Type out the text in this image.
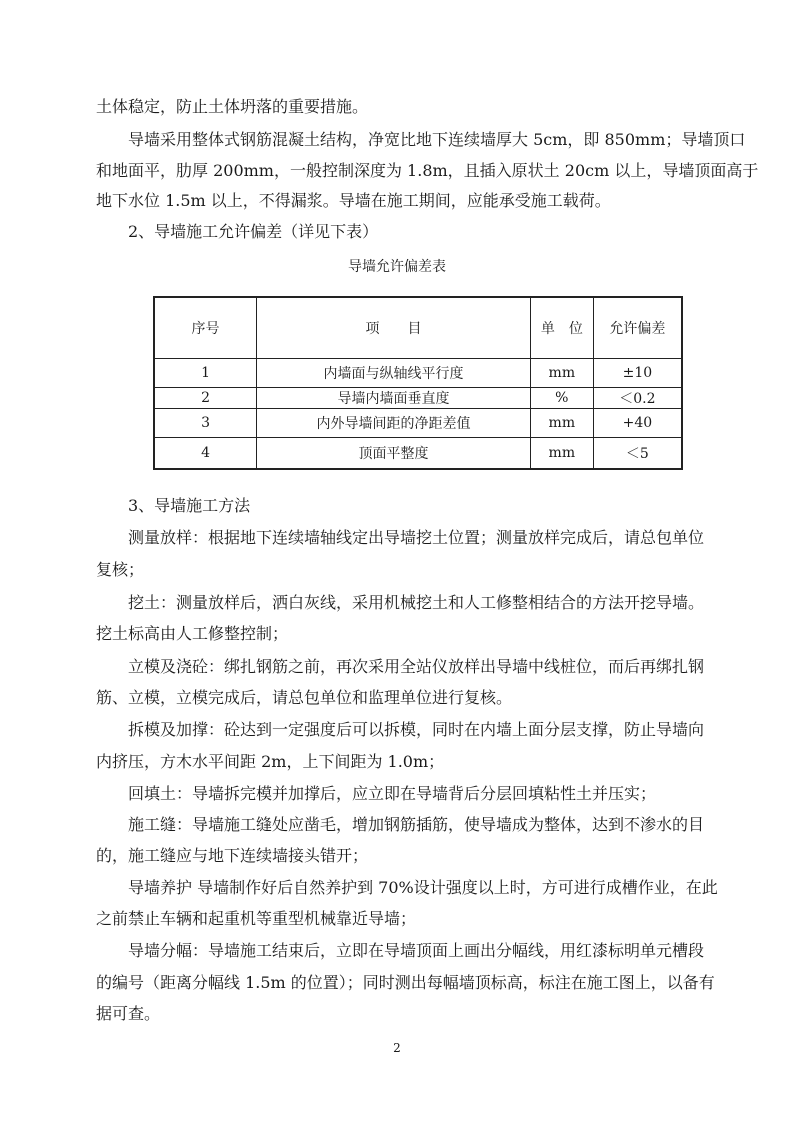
土体稳定，防止土体坍落的重要措施。
导墙采用整体式钢筋混凝土结构，净宽比地下连续墙厚大 5cm，即 850mm；导墙顶口
和地面平，肋厚 200mm，一般控制深度为 1.8m，且插入原状土 20cm 以上，导墙顶面高于
地下水位 1.5m 以上，不得漏浆。导墙在施工期间，应能承受施工载荷。
2、导墙施工允许偏差（详见下表）
导墙允许偏差表
序号	项　　目	单　位	允许偏差
1	内墙面与纵轴线平行度	mm	±10
2	导墙内墙面垂直度	%	＜0.2
3	内外导墙间距的净距差值	mm	+40
4	顶面平整度	mm	＜5
3、导墙施工方法
测量放样：根据地下连续墙轴线定出导墙挖土位置；测量放样完成后，请总包单位
复核；
挖土：测量放样后，洒白灰线，采用机械挖土和人工修整相结合的方法开挖导墙。
挖土标高由人工修整控制；
立模及浇砼：绑扎钢筋之前，再次采用全站仪放样出导墙中线桩位，而后再绑扎钢
筋、立模，立模完成后，请总包单位和监理单位进行复核。
拆模及加撑：砼达到一定强度后可以拆模，同时在内墙上面分层支撑，防止导墙向
内挤压，方木水平间距 2m，上下间距为 1.0m；
回填土：导墙拆完模并加撑后，应立即在导墙背后分层回填粘性土并压实；
施工缝：导墙施工缝处应凿毛，增加钢筋插筋，使导墙成为整体，达到不渗水的目
的，施工缝应与地下连续墙接头错开；
导墙养护 导墙制作好后自然养护到 70%设计强度以上时，方可进行成槽作业，在此
之前禁止车辆和起重机等重型机械靠近导墙；
导墙分幅：导墙施工结束后，立即在导墙顶面上画出分幅线，用红漆标明单元槽段
的编号（距离分幅线 1.5m 的位置）；同时测出每幅墙顶标高，标注在施工图上，以备有
据可查。
2
